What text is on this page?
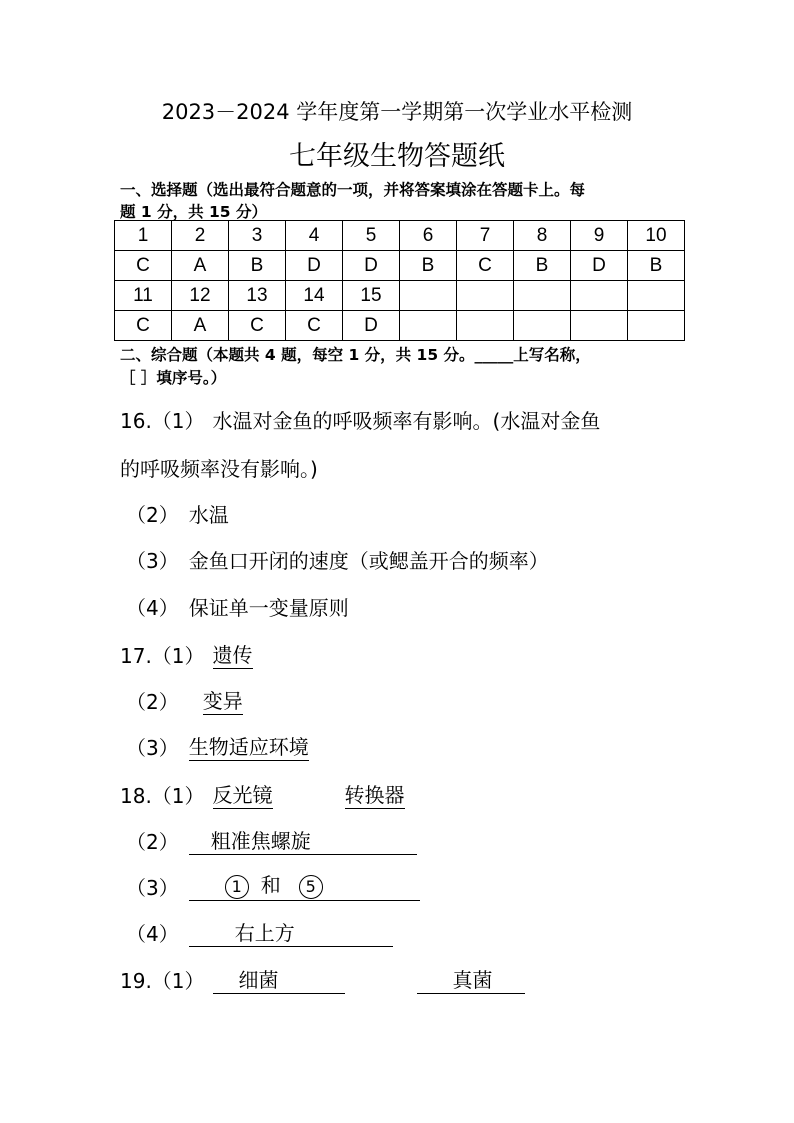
2023－2024 学年度第一学期第一次学业水平检测
七年级生物答题纸
一、选择题（选出最符合题意的一项，并将答案填涂在答题卡上。每
题 1 分，共 15 分）
1	2	3	4	5	6	7	8	9	10
C	A	B	D	D	B	C	B	D	B
11	12	13	14	15					
C	A	C	C	D					
二、综合题（本题共 4 题，每空 1 分，共 15 分。_____上写名称，
［ ］填序号。）
16.（1） 水温对金鱼的呼吸频率有影响。(水温对金鱼
的呼吸频率没有影响。)
（2） 水温
（3） 金鱼口开闭的速度（或鳃盖开合的频率）
（4） 保证单一变量原则
17.（1） 遗传
（2） 变异
（3） 生物适应环境
18.（1） 反光镜	转换器
（2） 粗准焦螺旋
（3）	1 和 5
（4）	右上方
19.（1） 细菌	真菌
